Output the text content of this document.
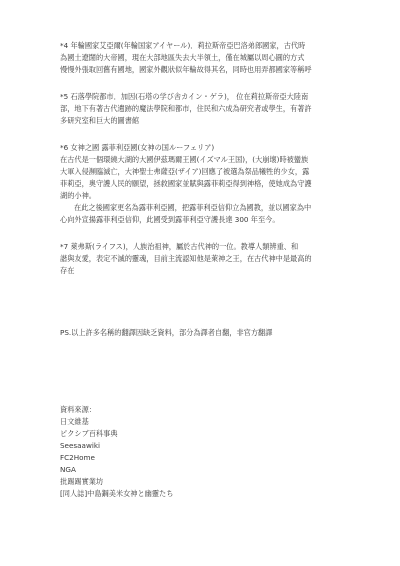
*4 年輪國家艾亞爾(年輪国家アイヤール)．莉拉斯帝亞巴洛弟郎國家，古代時
為國土遼闊的大帝國，現在大部地區失去大半領土，僅在城屬以周心圓的方式
慢慢外張取回舊有國地，國家外觀狀似年輪故得其名，同時也用弄都國家等稱呼
*5 石落學院都市．加因(石塔の学び舎カイン・ゲラ)， 位在莉拉斯帝亞大陸南
部，地下有著古代遺跡的魔法學院和都市，住民和六成為研究者或學生，有著許
多研究室和巨大的圖書館
*6 女神之國 露菲利亞國(女神の国ルーフェリア)
在古代是一個環繞大湖的大國伊茲瑪爾王國(イズマル王国)，(大崩壞)時被蠻族
大軍入侵瀕臨滅亡，大神聖士弗薩亞(ザイア)回應了被選為祭品犧牲的少女，露
菲莉亞，奧守護人民的願望，拯救國家並賦與露菲莉亞得到神格，使她成為守護
湖的小神。
在此之後國家更名為露菲利亞國，把露菲利亞信仰立為國教，並以國家為中
心向外宣揚露菲利亞信仰，此國受到露菲利亞守護長達 300 年至今。
*7 萊弗斯(ライフス)，人族治祖神，屬於古代神的一位。教導人類辨重、和
諧與友愛，表定不滅的靈魂，目前主流認知他是萊神之王，在古代神中是最高的
存在
PS.以上許多名稱的翻譯因缺乏資料，部分為譯者自翻，非官方翻譯
資料來源：
日文維基
ピクシブ百科事典
Seesaawiki
FC2Home
NGA
批踢踢實業坊
[同人誌]中島鋼美米女神と幽靈たち
